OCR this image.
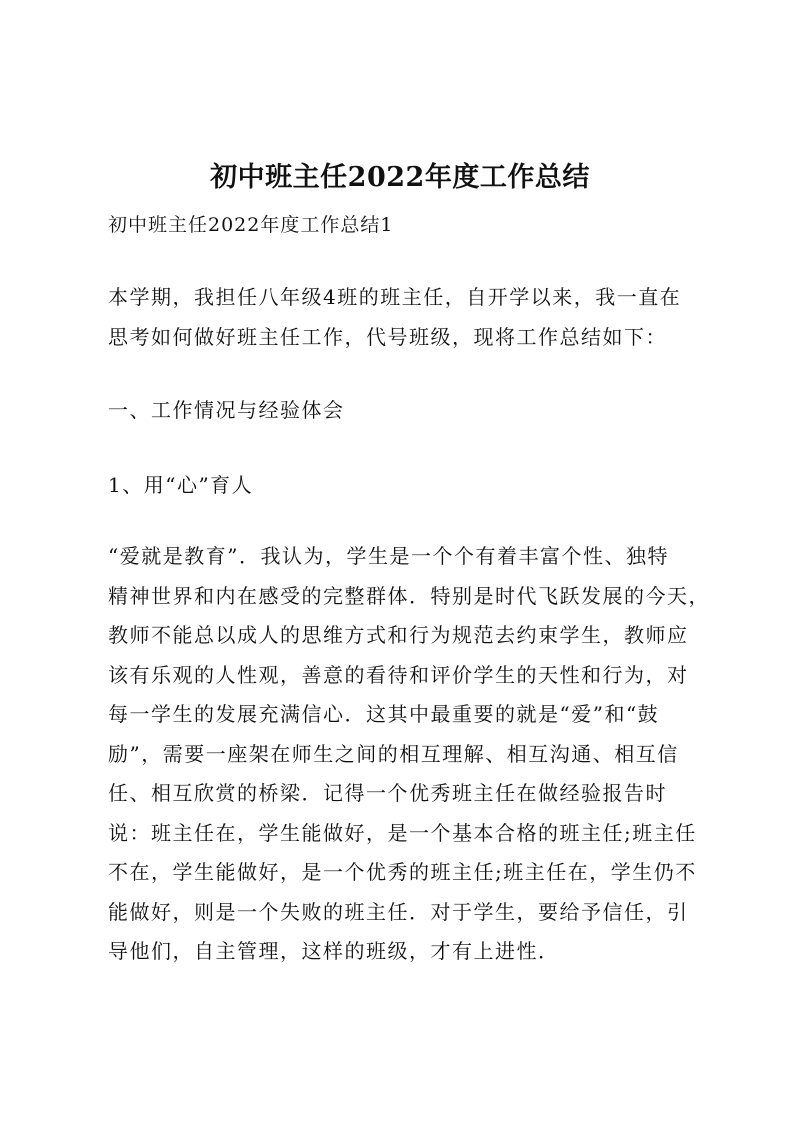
初中班主任2022年度工作总结
初中班主任2022年度工作总结1
本学期，我担任八年级4班的班主任，自开学以来，我一直在
思考如何做好班主任工作，代号班级，现将工作总结如下：
一、工作情况与经验体会
1、用“心”育人
“爱就是教育”．我认为，学生是一个个有着丰富个性、独特
精神世界和内在感受的完整群体．特别是时代飞跃发展的今天，
教师不能总以成人的思维方式和行为规范去约束学生，教师应
该有乐观的人性观，善意的看待和评价学生的天性和行为，对
每一学生的发展充满信心．这其中最重要的就是“爱”和“鼓
励”，需要一座架在师生之间的相互理解、相互沟通、相互信
任、相互欣赏的桥梁．记得一个优秀班主任在做经验报告时
说：班主任在，学生能做好，是一个基本合格的班主任;班主任
不在，学生能做好，是一个优秀的班主任;班主任在，学生仍不
能做好，则是一个失败的班主任．对于学生，要给予信任，引
导他们，自主管理，这样的班级，才有上进性．
